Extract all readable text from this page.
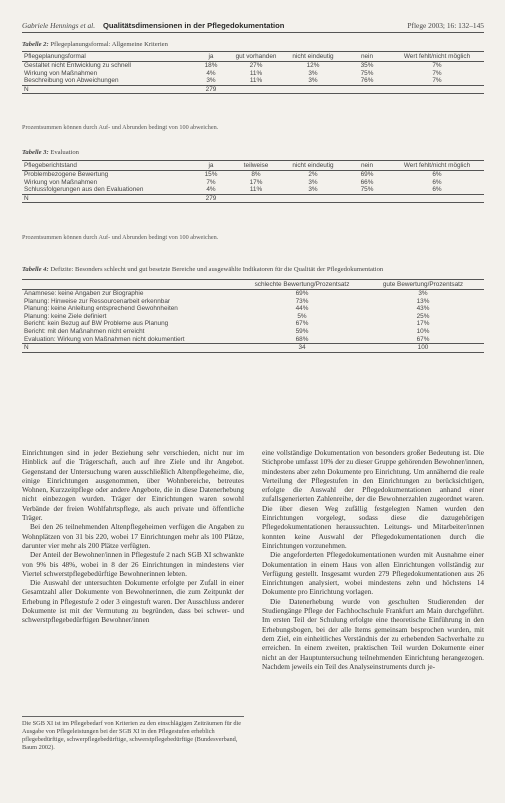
Gabriele Hennings et al. Qualitätsdimensionen in der Pflegedokumentation	Pflege 2003; 16: 132–145
Tabelle 2: Pflegeplanungsformal: Allgemeine Kriterien
Pflegeplanungsformal	ja	gut vorhanden	nicht eindeutig	nein	Wert fehlt/nicht möglich
Gestaltet nicht Entwicklung zu schnell	18%	27%	12%	35%	7%
Wirkung von Maßnahmen	4%	11%	3%	75%	7%
Beschreibung von Abweichungen	3%	11%	3%	76%	7%
N	279				
Prozentsummen können durch Auf- und Abrunden bedingt von 100 abweichen.
Tabelle 3: Evaluation
Pflegeberichtstand	ja	teilweise	nicht eindeutig	nein	Wert fehlt/nicht möglich
Problembezogene Bewertung	15%	8%	2%	69%	6%
Wirkung von Maßnahmen	7%	17%	3%	66%	6%
Schlussfolgerungen aus den Evaluationen	4%	11%	3%	75%	6%
N	279				
Prozentsummen können durch Auf- und Abrunden bedingt von 100 abweichen.
Tabelle 4: Defizite: Besonders schlecht und gut besetzte Bereiche und ausgewählte Indikatoren für die Qualität der Pflegedokumentation
	schlechte Bewertung/Prozentsatz	gute Bewertung/Prozentsatz
Anamnese: keine Angaben zur Biographie	69%	3%
Planung: Hinweise zur Ressourcenarbeit erkennbar	73%	13%
Planung: keine Anleitung entsprechend Gewohnheiten	44%	43%
Planung: keine Ziele definiert	5%	25%
Bericht: kein Bezug auf BW Probleme aus Planung	67%	17%
Bericht: mit den Maßnahmen nicht erreicht	59%	10%
Evaluation: Wirkung von Maßnahmen nicht dokumentiert	68%	67%
N	34	100

Einrichtungen sind in jeder Beziehung sehr verschieden, nicht nur im Hinblick auf die Trägerschaft, auch auf ihre Ziele und ihr Angebot. Gegenstand der Untersuchung waren ausschließlich Altenpflegeheime, die, einige Einrichtungen ausgenommen, über Wohnbereiche, betreutes Wohnen, Kurzzeitpflege oder andere Angebote, die in diese Datenerhebung nicht einbezogen wurden. Träger der Einrichtungen waren sowohl Verbände der freien Wohlfahrtspflege, als auch private und öffentliche Träger.

Bei den 26 teilnehmenden Altenpflegeheimen verfügen die Angaben zu Wohnplätzen von 31 bis 220, wobei 17 Einrichtungen mehr als 100 Plätze, darunter vier mehr als 200 Plätze verfügten.

Der Anteil der Bewohner/innen in Pflegestufe 2 nach SGB XI schwankte von 9% bis 48%, wobei in 8 der 26 Einrichtungen in mindestens vier Viertel schwerstpflegebedürftige Bewohnerinnen lebten.

Die Auswahl der untersuchten Dokumente erfolgte per Zufall in einer Gesamtzahl aller Dokumente von Bewohnerinnen, die zum Zeitpunkt der Erhebung in Pflegestufe 2 oder 3 eingestuft waren. Der Ausschluss anderer Dokumente ist mit der Vermutung zu begründen, dass bei schwer- und schwerstpflegebedürftigen Bewohner/innen

eine vollständige Dokumentation von besonders großer Bedeutung ist. Die Stichprobe umfasst 10% der zu dieser Gruppe gehörenden Bewohner/innen, mindestens aber zehn Dokumente pro Einrichtung. Um annähernd die reale Verteilung der Pflegestufen in den Einrichtungen zu berücksichtigen, erfolgte die Auswahl der Pflegedokumentationen anhand einer zufallsgenerierten Zahlenreihe, der die Bewohnerzahlen zugeordnet waren. Die über diesen Weg zufällig festgelegten Namen wurden den Einrichtungen vorgelegt, sodass diese die dazugehörigen Pflegedokumentationen heraussuchten. Leitungs- und Mitarbeiter/innen konnten keine Auswahl der Pflegedokumentationen durch die Einrichtungen vorzunehmen.

Die angeforderten Pflegedokumentationen wurden mit Ausnahme einer Dokumentation in einem Haus von allen Einrichtungen vollständig zur Verfügung gestellt. Insgesamt wurden 279 Pflegedokumentationen aus 26 Einrichtungen analysiert, wobei mindestens zehn und höchstens 14 Dokumente pro Einrichtung vorlagen.

Die Datenerhebung wurde von geschulten Studierenden der Studiengänge Pflege der Fachhochschule Frankfurt am Main durchgeführt. Im ersten Teil der Schulung erfolgte eine theoretische Einführung in den Erhebungsbogen, bei der alle Items gemeinsam besprochen wurden, mit dem Ziel, ein einheitliches Verständnis der zu erhebenden Sachverhalte zu erreichen. In einem zweiten, praktischen Teil wurden Dokumente einer nicht an der Hauptuntersuchung teilnehmenden Einrichtung herangezogen. Nachdem jeweils ein Teil des Analyseinstruments durch je-

Die SGB XI ist im Pflegebedarf von Kriterien zu den einschlägigen Zeiträumen für die Ausgabe von Pflegeleistungen bei der SGB XI in den Pflegestufen erheblich pflegebedürftige, schwerpflegebedürftige, schwerstpflegebedürftige (Bundesverband, Baum 2002).
